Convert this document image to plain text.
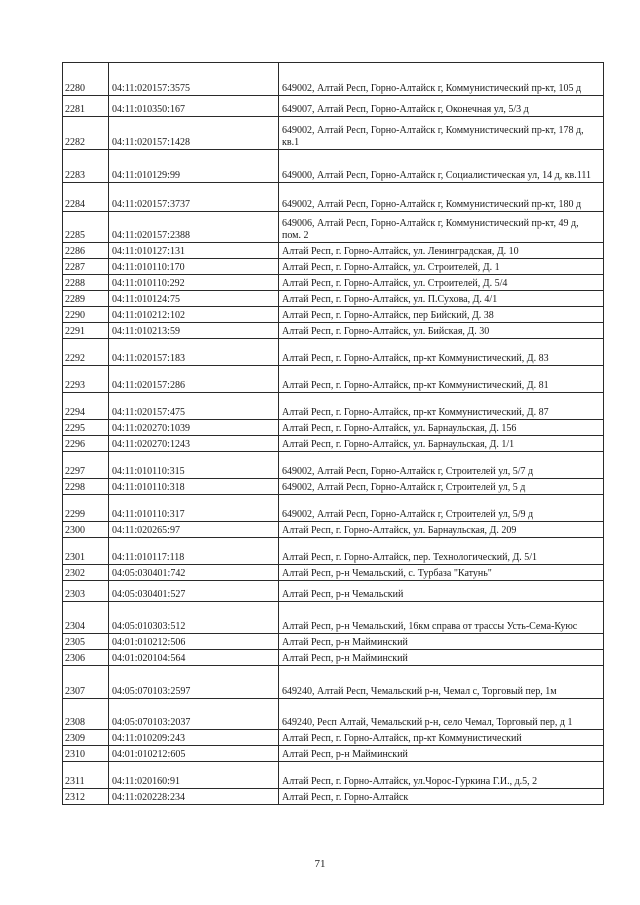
2280	04:11:020157:3575	649002, Алтай Респ, Горно-Алтайск г, Коммунистический пр-кт, 105 д
2281	04:11:010350:167	649007, Алтай Респ, Горно-Алтайск г, Оконечная ул, 5/3 д
2282	04:11:020157:1428	649002, Алтай Респ, Горно-Алтайск г, Коммунистический пр-кт, 178 д, кв.1
2283	04:11:010129:99	649000, Алтай Респ, Горно-Алтайск г, Социалистическая ул, 14 д, кв.111
2284	04:11:020157:3737	649002, Алтай Респ, Горно-Алтайск г, Коммунистический пр-кт, 180 д
2285	04:11:020157:2388	649006, Алтай Респ, Горно-Алтайск г, Коммунистический пр-кт, 49 д, пом. 2
2286	04:11:010127:131	Алтай Респ, г. Горно-Алтайск, ул. Ленинградская, Д. 10
2287	04:11:010110:170	Алтай Респ, г. Горно-Алтайск, ул. Строителей, Д. 1
2288	04:11:010110:292	Алтай Респ, г. Горно-Алтайск, ул. Строителей, Д. 5/4
2289	04:11:010124:75	Алтай Респ, г. Горно-Алтайск, ул. П.Сухова, Д. 4/1
2290	04:11:010212:102	Алтай Респ, г. Горно-Алтайск, пер Бийский, Д. 38
2291	04:11:010213:59	Алтай Респ, г. Горно-Алтайск, ул. Бийская, Д. 30
2292	04:11:020157:183	Алтай Респ, г. Горно-Алтайск, пр-кт Коммунистический, Д. 83
2293	04:11:020157:286	Алтай Респ, г. Горно-Алтайск, пр-кт Коммунистический, Д. 81
2294	04:11:020157:475	Алтай Респ, г. Горно-Алтайск, пр-кт Коммунистический, Д. 87
2295	04:11:020270:1039	Алтай Респ, г. Горно-Алтайск, ул. Барнаульская, Д. 156
2296	04:11:020270:1243	Алтай Респ, г. Горно-Алтайск, ул. Барнаульская, Д. 1/1
2297	04:11:010110:315	649002, Алтай Респ, Горно-Алтайск г, Строителей ул, 5/7 д
2298	04:11:010110:318	649002, Алтай Респ, Горно-Алтайск г, Строителей ул, 5 д
2299	04:11:010110:317	649002, Алтай Респ, Горно-Алтайск г, Строителей ул, 5/9 д
2300	04:11:020265:97	Алтай Респ, г. Горно-Алтайск, ул. Барнаульская, Д. 209
2301	04:11:010117:118	Алтай Респ, г. Горно-Алтайск, пер. Технологический, Д. 5/1
2302	04:05:030401:742	Алтай Респ, р-н Чемальский, с. Турбаза "Катунь"
2303	04:05:030401:527	Алтай Респ, р-н Чемальский
2304	04:05:010303:512	Алтай Респ, р-н Чемальский, 16км справа от трассы Усть-Сема-Куюс
2305	04:01:010212:506	Алтай Респ, р-н Майминский
2306	04:01:020104:564	Алтай Респ, р-н Майминский
2307	04:05:070103:2597	649240, Алтай Респ, Чемальский р-н, Чемал с, Торговый пер, 1м
2308	04:05:070103:2037	649240, Респ Алтай, Чемальский р-н, село Чемал, Торговый пер, д 1
2309	04:11:010209:243	Алтай Респ, г. Горно-Алтайск, пр-кт Коммунистический
2310	04:01:010212:605	Алтай Респ, р-н Майминский
2311	04:11:020160:91	Алтай Респ, г. Горно-Алтайск, ул.Чорос-Гуркина Г.И., д.5, 2
2312	04:11:020228:234	Алтай Респ, г. Горно-Алтайск
71
